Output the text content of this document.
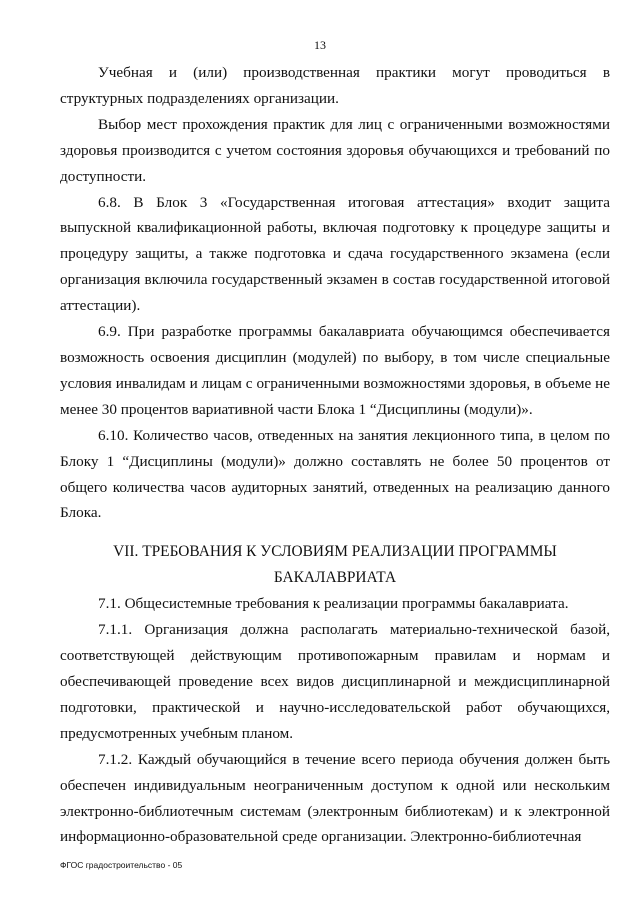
13

Учебная и (или) производственная практики могут проводиться в структурных подразделениях организации.

Выбор мест прохождения практик для лиц с ограниченными возможностями здоровья производится с учетом состояния здоровья обучающихся и требований по доступности.

6.8. В Блок 3 «Государственная итоговая аттестация» входит защита выпускной квалификационной работы, включая подготовку к процедуре защиты и процедуру защиты, а также подготовка и сдача государственного экзамена (если организация включила государственный экзамен в состав государственной итоговой аттестации).

6.9. При разработке программы бакалавриата обучающимся обеспечивается возможность освоения дисциплин (модулей) по выбору, в том числе специальные условия инвалидам и лицам с ограниченными возможностями здоровья, в объеме не менее 30 процентов вариативной части Блока 1 “Дисциплины (модули)».

6.10. Количество часов, отведенных на занятия лекционного типа, в целом по Блоку 1 “Дисциплины (модули)» должно составлять не более 50 процентов от общего количества часов аудиторных занятий, отведенных на реализацию данного Блока.

VII. ТРЕБОВАНИЯ К УСЛОВИЯМ РЕАЛИЗАЦИИ ПРОГРАММЫ
БАКАЛАВРИАТА

7.1. Общесистемные требования к реализации программы бакалавриата.

7.1.1. Организация должна располагать материально-технической базой, соответствующей действующим противопожарным правилам и нормам и обеспечивающей проведение всех видов дисциплинарной и междисциплинарной подготовки, практической и научно-исследовательской работ обучающихся, предусмотренных учебным планом.

7.1.2. Каждый обучающийся в течение всего периода обучения должен быть обеспечен индивидуальным неограниченным доступом к одной или нескольким электронно-библиотечным системам (электронным библиотекам) и к электронной информационно-образовательной среде организации. Электронно-библиотечная

ФГОС градостроительство - 05
